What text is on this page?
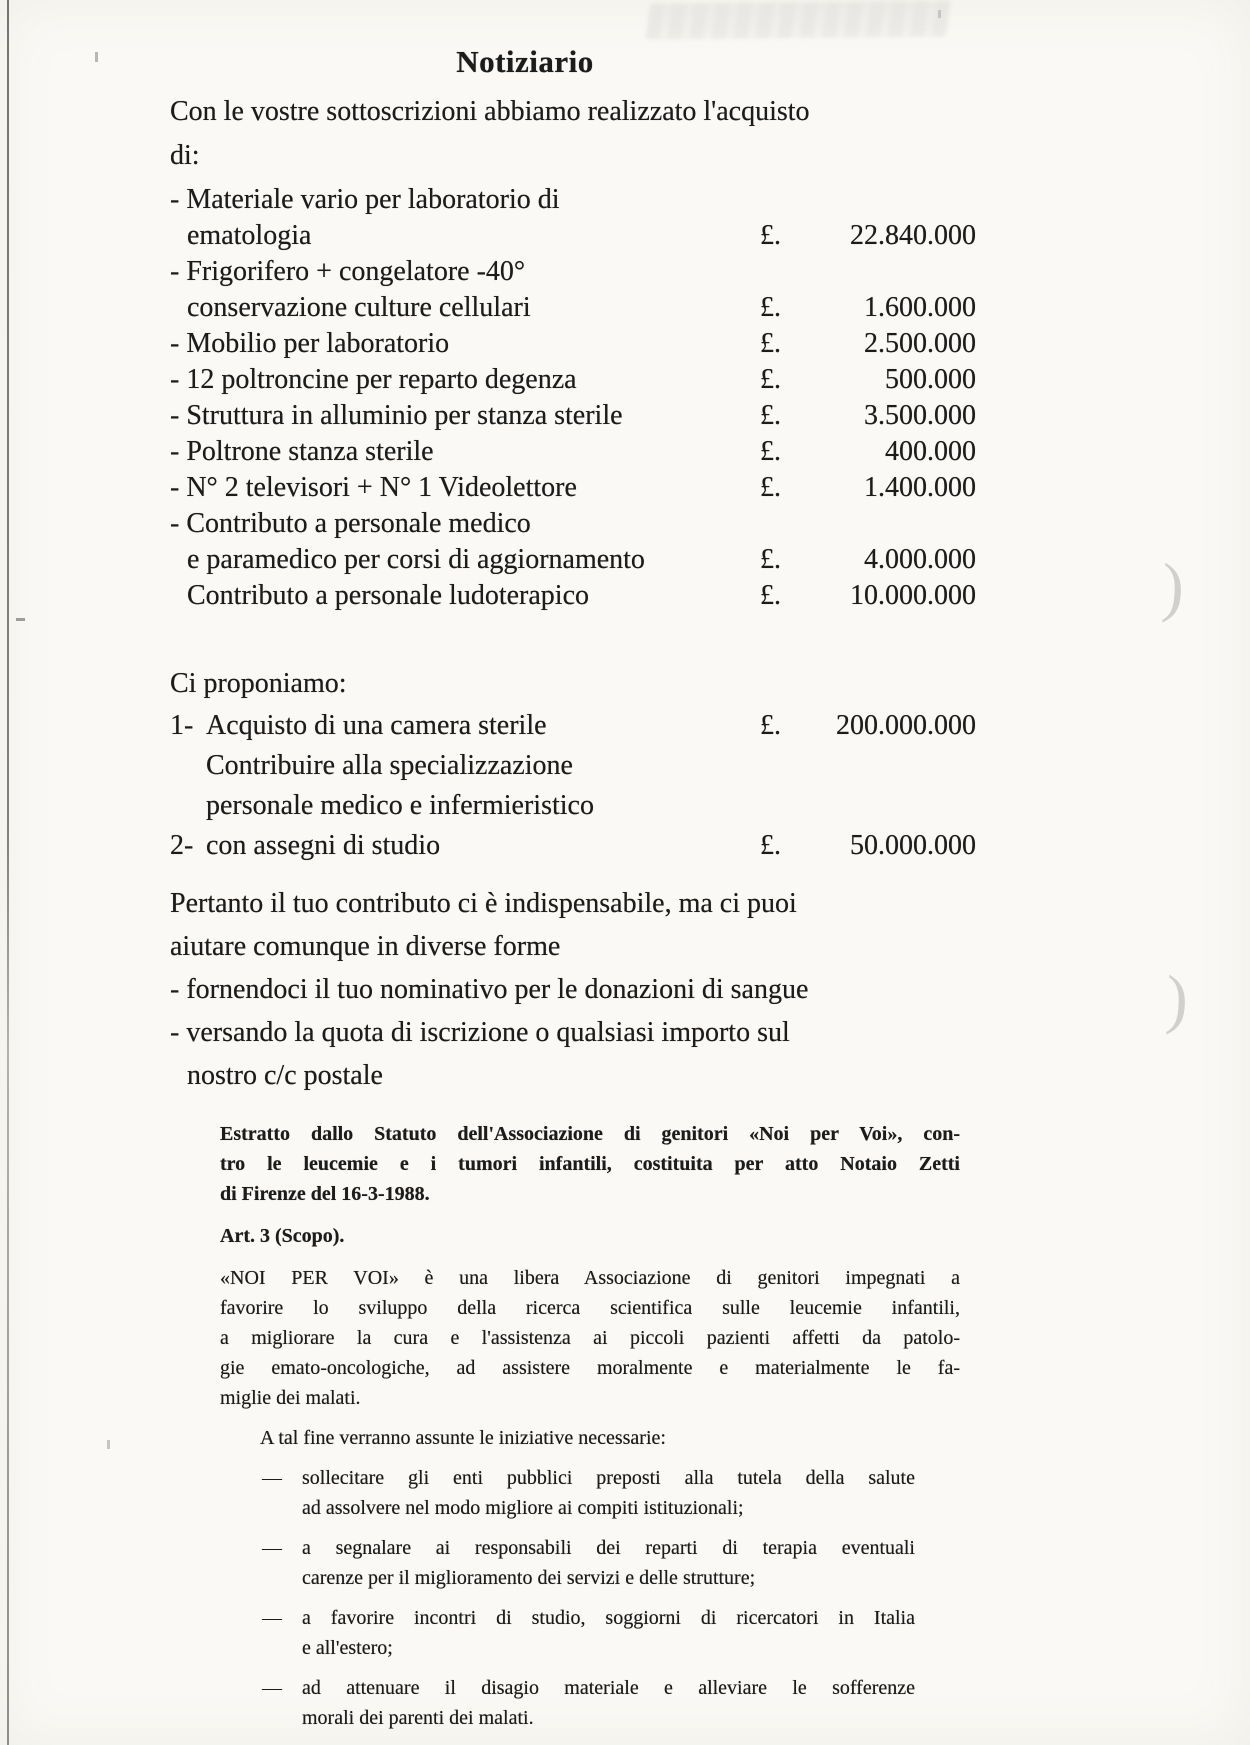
)
)
Notiziario
Con le vostre sottoscrizioni abbiamo realizzato l'acquisto
di:
- Materiale vario per laboratorio di
ematologia	£.	22.840.000
- Frigorifero + congelatore -40°
conservazione culture cellulari	£.	1.600.000
- Mobilio per laboratorio	£.	2.500.000
- 12 poltroncine per reparto degenza	£.	500.000
- Struttura in alluminio per stanza sterile	£.	3.500.000
- Poltrone stanza sterile	£.	400.000
- N° 2 televisori + N° 1 Videolettore	£.	1.400.000
- Contributo a personale medico
e paramedico per corsi di aggiornamento	£.	4.000.000
Contributo a personale ludoterapico	£.	10.000.000
Ci proponiamo:
1- Acquisto di una camera sterile	£.	200.000.000
2-
Contribuire alla specializzazione
personale medico e infermieristico
con assegni di studio	£.	50.000.000
Pertanto il tuo contributo ci è indispensabile, ma ci puoi
aiutare comunque in diverse forme
- fornendoci il tuo nominativo per le donazioni di sangue
- versando la quota di iscrizione o qualsiasi importo sul
nostro c/c postale
Estratto dallo Statuto dell'Associazione di genitori «Noi per Voi», con-
tro le leucemie e i tumori infantili, costituita per atto Notaio Zetti
di Firenze del 16-3-1988.
Art. 3 (Scopo).
«NOI PER VOI» è una libera Associazione di genitori impegnati a
favorire lo sviluppo della ricerca scientifica sulle leucemie infantili,
a migliorare la cura e l'assistenza ai piccoli pazienti affetti da patolo-
gie emato-oncologiche, ad assistere moralmente e materialmente le fa-
miglie dei malati.
A tal fine verranno assunte le iniziative necessarie:
—	sollecitare gli enti pubblici preposti alla tutela della salute
ad assolvere nel modo migliore ai compiti istituzionali;
—	a segnalare ai responsabili dei reparti di terapia eventuali
carenze per il miglioramento dei servizi e delle strutture;
—	a favorire incontri di studio, soggiorni di ricercatori in Italia
e all'estero;
—	ad attenuare il disagio materiale e alleviare le sofferenze
morali dei parenti dei malati.
